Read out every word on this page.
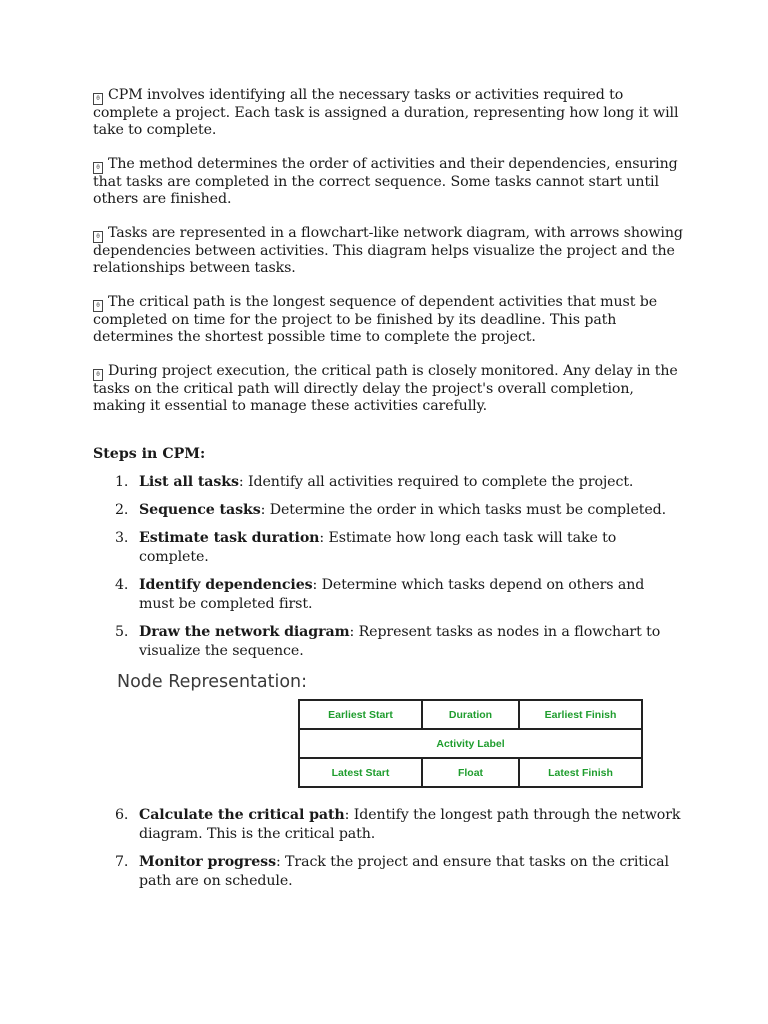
0 CPM involves identifying all the necessary tasks or activities required to complete a project. Each task is assigned a duration, representing how long it will take to complete.

0 The method determines the order of activities and their dependencies, ensuring that tasks are completed in the correct sequence. Some tasks cannot start until others are finished.

0 Tasks are represented in a flowchart-like network diagram, with arrows showing dependencies between activities. This diagram helps visualize the project and the relationships between tasks.

0 The critical path is the longest sequence of dependent activities that must be completed on time for the project to be finished by its deadline. This path determines the shortest possible time to complete the project.

0 During project execution, the critical path is closely monitored. Any delay in the tasks on the critical path will directly delay the project's overall completion, making it essential to manage these activities carefully.

Steps in CPM:
1. List all tasks: Identify all activities required to complete the project.
2. Sequence tasks: Determine the order in which tasks must be completed.
3. Estimate task duration: Estimate how long each task will take to complete.
4. Identify dependencies: Determine which tasks depend on others and must be completed first.
5. Draw the network diagram: Represent tasks as nodes in a flowchart to visualize the sequence.
Node Representation:
Earliest Start	Duration	Earliest Finish
Activity Label		
Latest Start	Float	Latest Finish
6. Calculate the critical path: Identify the longest path through the network diagram. This is the critical path.
7. Monitor progress: Track the project and ensure that tasks on the critical path are on schedule.
